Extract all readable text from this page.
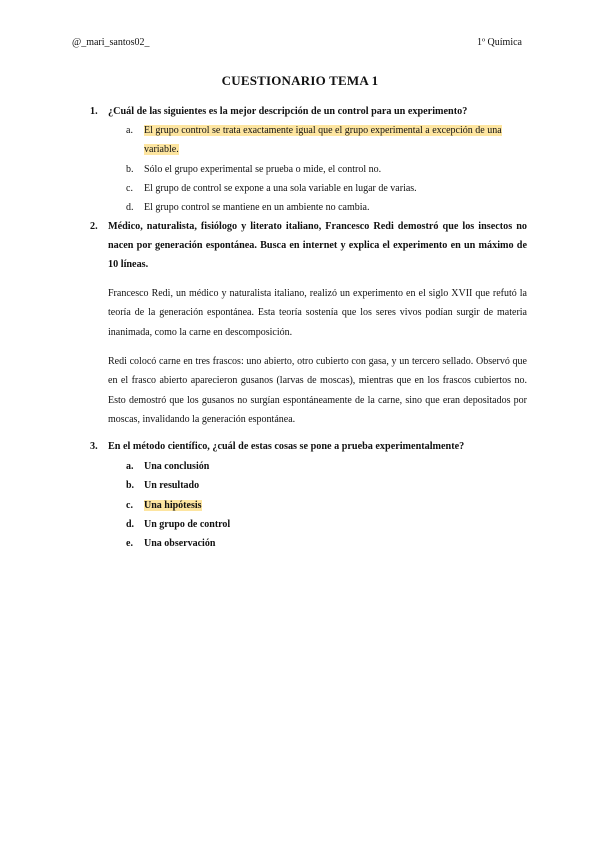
@_mari_santos02_	1º Química
CUESTIONARIO TEMA 1
1. ¿Cuál de las siguientes es la mejor descripción de un control para un experimento?
a. El grupo control se trata exactamente igual que el grupo experimental a excepción de una variable.
b. Sólo el grupo experimental se prueba o mide, el control no.
c. El grupo de control se expone a una sola variable en lugar de varias.
d. El grupo control se mantiene en un ambiente no cambia.
2. Médico, naturalista, fisiólogo y literato italiano, Francesco Redi demostró que los insectos no nacen por generación espontánea. Busca en internet y explica el experimento en un máximo de 10 líneas.

Francesco Redi, un médico y naturalista italiano, realizó un experimento en el siglo XVII que refutó la teoría de la generación espontánea. Esta teoría sostenía que los seres vivos podían surgir de materia inanimada, como la carne en descomposición.

Redi colocó carne en tres frascos: uno abierto, otro cubierto con gasa, y un tercero sellado. Observó que en el frasco abierto aparecieron gusanos (larvas de moscas), mientras que en los frascos cubiertos no. Esto demostró que los gusanos no surgían espontáneamente de la carne, sino que eran depositados por moscas, invalidando la generación espontánea.

3. En el método científico, ¿cuál de estas cosas se pone a prueba experimentalmente?
a. Una conclusión
b. Un resultado
c. Una hipótesis
d. Un grupo de control
e. Una observación
